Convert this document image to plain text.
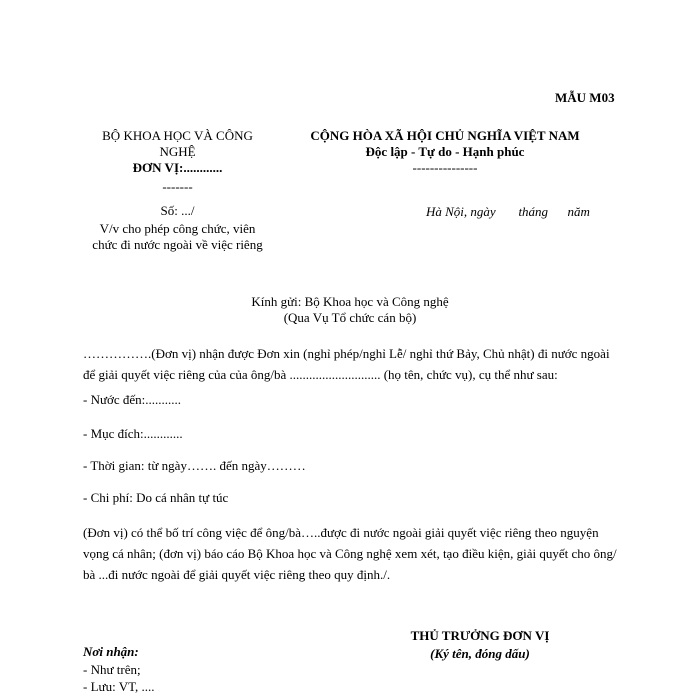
MẪU M03
BỘ KHOA HỌC VÀ CÔNG
NGHỆ
ĐƠN VỊ:............
-------
Số: .../
V/v cho phép công chức, viên
chức đi nước ngoài về việc riêng
CỘNG HÒA XÃ HỘI CHỦ NGHĨA VIỆT NAM
Độc lập - Tự do - Hạnh phúc
---------------
Hà Nội, ngày       tháng      năm
Kính gửi: Bộ Khoa học và Công nghệ
(Qua Vụ Tổ chức cán bộ)
…………….(Đơn vị) nhận được Đơn xin (nghỉ phép/nghỉ Lễ/ nghỉ thứ Bảy, Chủ nhật) đi nước ngoài để giải quyết việc riêng của của ông/bà ............................ (họ tên, chức vụ), cụ thể như sau:
- Nước đến:...........
- Mục đích:............
- Thời gian: từ ngày……. đến ngày………
- Chi phí: Do cá nhân tự túc
(Đơn vị) có thể bố trí công việc để ông/bà…..được đi nước ngoài giải quyết việc riêng theo nguyện vọng cá nhân; (đơn vị) báo cáo Bộ Khoa học và Công nghệ xem xét, tạo điều kiện, giải quyết cho ông/ bà ...đi nước ngoài để giải quyết việc riêng theo quy định./.
Nơi nhận:
- Như trên;
- Lưu: VT, ....
THỦ TRƯỞNG ĐƠN VỊ
(Ký tên, đóng dấu)
